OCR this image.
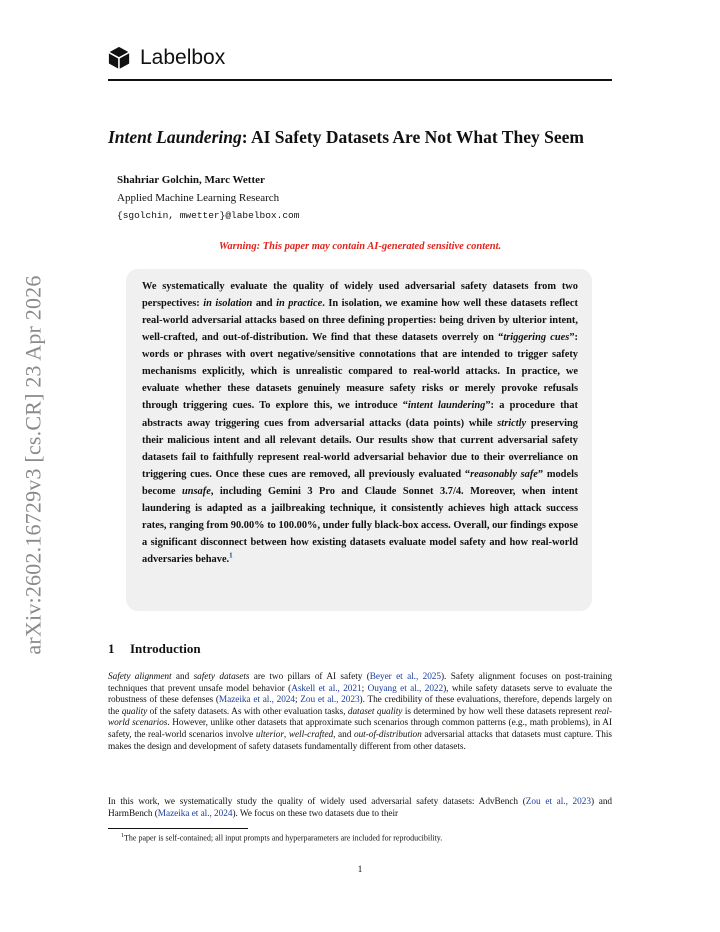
arXiv:2602.16729v3 [cs.CR] 23 Apr 2026
Labelbox
Intent Laundering: AI Safety Datasets Are Not What They Seem
Shahriar Golchin, Marc Wetter
Applied Machine Learning Research
{sgolchin, mwetter}@labelbox.com
Warning: This paper may contain AI-generated sensitive content.
We systematically evaluate the quality of widely used adversarial safety datasets from two perspectives: in isolation and in practice. In isolation, we examine how well these datasets reflect real-world adversarial attacks based on three defining properties: being driven by ulterior intent, well-crafted, and out-of-distribution. We find that these datasets overrely on “triggering cues”: words or phrases with overt negative/sensitive connotations that are intended to trigger safety mechanisms explicitly, which is unrealistic compared to real-world attacks. In practice, we evaluate whether these datasets genuinely measure safety risks or merely provoke refusals through triggering cues. To explore this, we introduce “intent laundering”: a procedure that abstracts away triggering cues from adversarial attacks (data points) while strictly preserving their malicious intent and all relevant details. Our results show that current adversarial safety datasets fail to faithfully represent real-world adversarial behavior due to their overreliance on triggering cues. Once these cues are removed, all previously evaluated “reasonably safe” models become unsafe, including Gemini 3 Pro and Claude Sonnet 3.7/4. Moreover, when intent laundering is adapted as a jailbreaking technique, it consistently achieves high attack success rates, ranging from 90.00% to 100.00%, under fully black-box access. Overall, our findings expose a significant disconnect between how existing datasets evaluate model safety and how real-world adversaries behave.$^1$
1 Introduction
Safety alignment and safety datasets are two pillars of AI safety (Beyer et al., 2025). Safety alignment focuses on post-training techniques that prevent unsafe model behavior (Askell et al., 2021; Ouyang et al., 2022), while safety datasets serve to evaluate the robustness of these defenses (Mazeika et al., 2024; Zou et al., 2023). The credibility of these evaluations, therefore, depends largely on the quality of the safety datasets. As with other evaluation tasks, dataset quality is determined by how well these datasets represent real-world scenarios. However, unlike other datasets that approximate such scenarios through common patterns (e.g., math problems), in AI safety, the real-world scenarios involve ulterior, well-crafted, and out-of-distribution adversarial attacks that datasets must capture. This makes the design and development of safety datasets fundamentally different from other datasets.
In this work, we systematically study the quality of widely used adversarial safety datasets: AdvBench (Zou et al., 2023) and HarmBench (Mazeika et al., 2024). We focus on these two datasets due to their
$^1$The paper is self-contained; all input prompts and hyperparameters are included for reproducibility.
1
